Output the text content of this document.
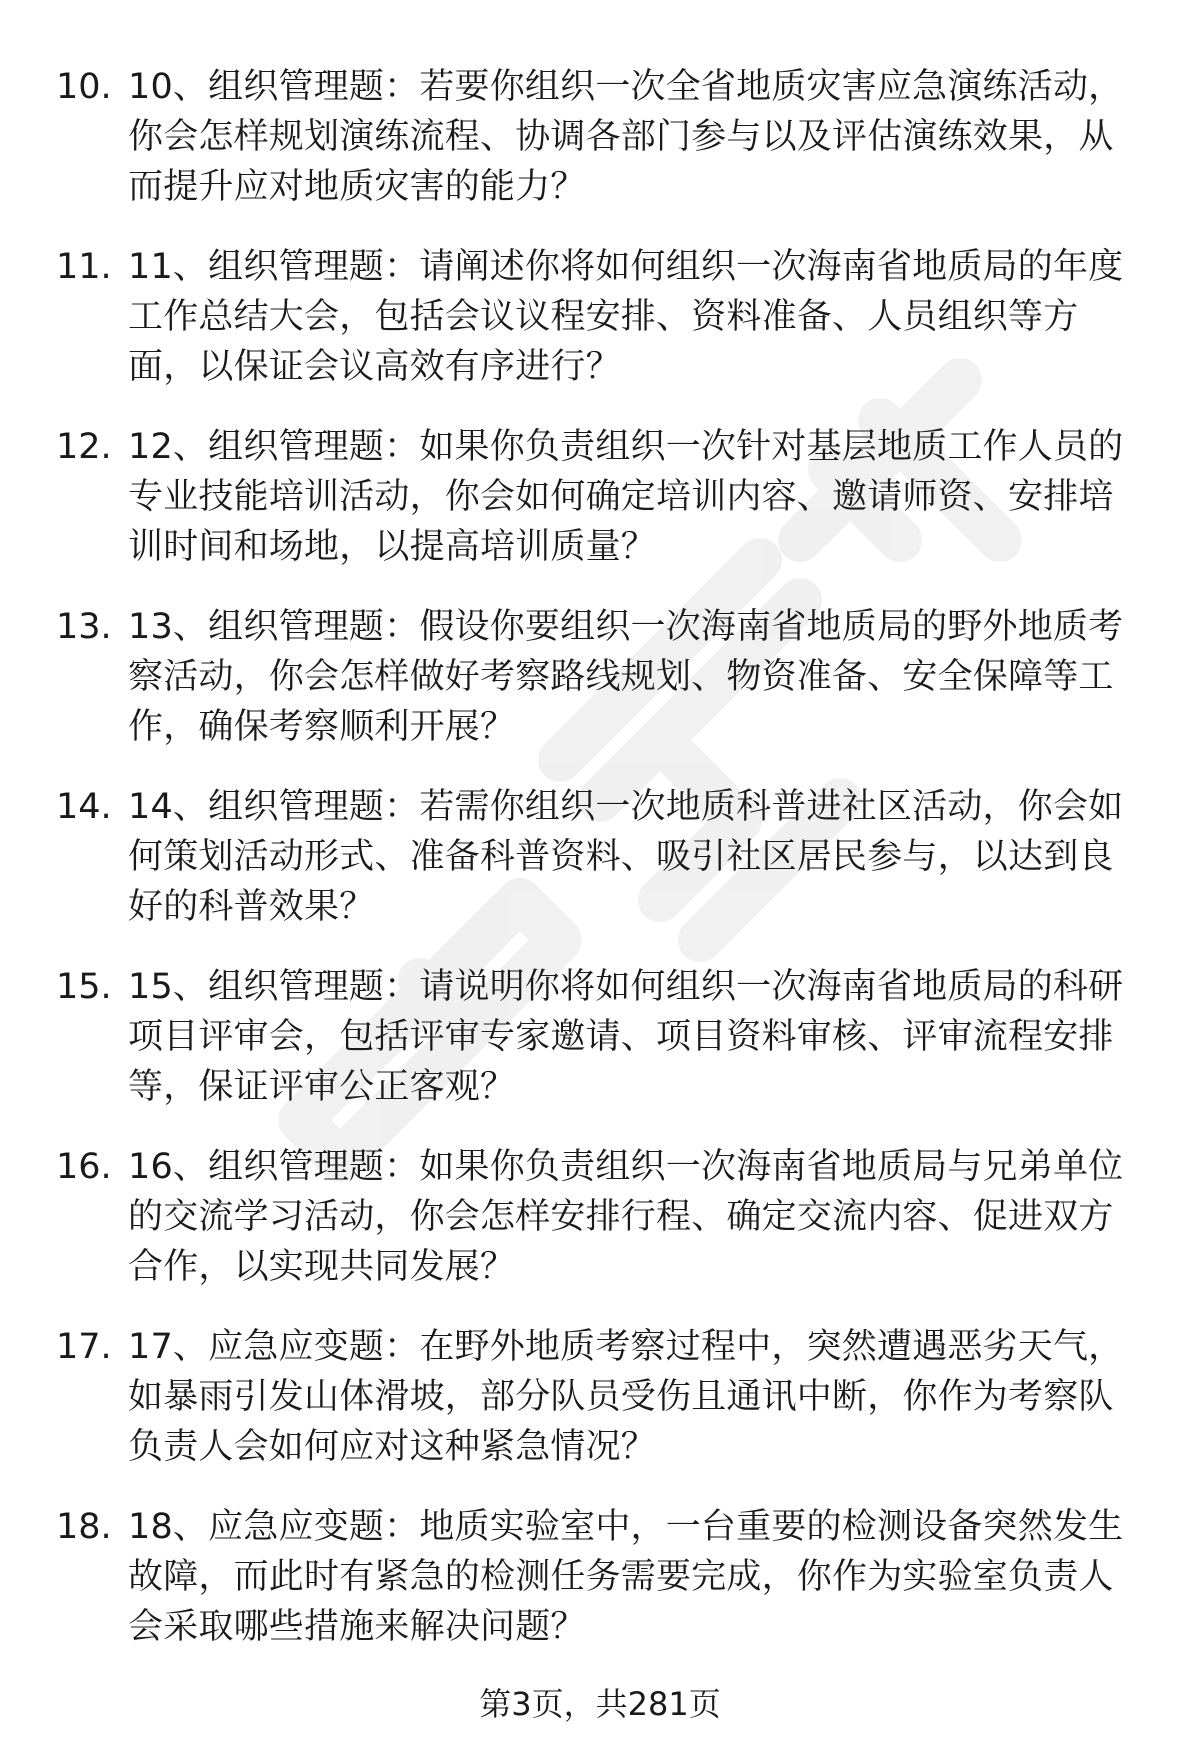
10. 10、组织管理题：若要你组织一次全省地质灾害应急演练活动，
你会怎样规划演练流程、协调各部门参与以及评估演练效果，从
而提升应对地质灾害的能力？
11. 11、组织管理题：请阐述你将如何组织一次海南省地质局的年度
工作总结大会，包括会议议程安排、资料准备、人员组织等方
面，以保证会议高效有序进行？
12. 12、组织管理题：如果你负责组织一次针对基层地质工作人员的
专业技能培训活动，你会如何确定培训内容、邀请师资、安排培
训时间和场地，以提高培训质量？
13. 13、组织管理题：假设你要组织一次海南省地质局的野外地质考
察活动，你会怎样做好考察路线规划、物资准备、安全保障等工
作，确保考察顺利开展？
14. 14、组织管理题：若需你组织一次地质科普进社区活动，你会如
何策划活动形式、准备科普资料、吸引社区居民参与，以达到良
好的科普效果？
15. 15、组织管理题：请说明你将如何组织一次海南省地质局的科研
项目评审会，包括评审专家邀请、项目资料审核、评审流程安排
等，保证评审公正客观？
16. 16、组织管理题：如果你负责组织一次海南省地质局与兄弟单位
的交流学习活动，你会怎样安排行程、确定交流内容、促进双方
合作，以实现共同发展？
17. 17、应急应变题：在野外地质考察过程中，突然遭遇恶劣天气，
如暴雨引发山体滑坡，部分队员受伤且通讯中断，你作为考察队
负责人会如何应对这种紧急情况？
18. 18、应急应变题：地质实验室中，一台重要的检测设备突然发生
故障，而此时有紧急的检测任务需要完成，你作为实验室负责人
会采取哪些措施来解决问题？
第3页，共281页
